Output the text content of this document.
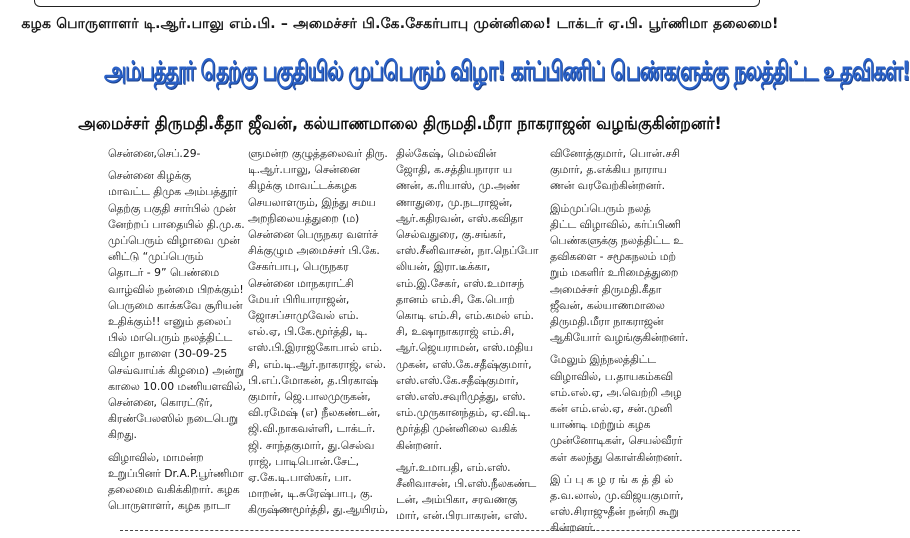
கழக பொருளாளர் டி.ஆர்.பாலு எம்.பி. – அமைச்சர் பி.கே.சேகர்பாபு முன்னிலை! டாக்டர் ஏ.பி. பூர்ணிமா தலைமை!
அம்பத்தூர் தெற்கு பகுதியில் முப்பெரும் விழா! கர்ப்பிணிப் பெண்களுக்கு நலத்திட்ட உதவிகள்!
அமைச்சர் திருமதி.கீதா ஜீவன், கல்யாணமாலை திருமதி.மீரா நாகராஜன் வழங்குகின்றனர்!

சென்னை,செப்.29-

சென்னை கிழக்கு
மாவட்ட திமுக அம்பத்தூர்
தெற்கு பகுதி சார்பில் முன்
னேற்றப் பாதையில் தி.மு.க.
முப்பெரும் விழாவை முன்
னிட்டு “முப்பெரும்
தொடர் - 9” பெண்மை
வாழ்வில் நன்மை பிறக்கும்!
பெருமை காக்கவே சூரியன்
உதிக்கும்!! எனும் தலைப்
பில் மாபெரும் நலத்திட்ட
விழா நாளை (30-09-25
செவ்வாய்க் கிழமை) அன்று
காலை 10.00 மணியளவில்,
சென்னை, கொரட்டூர்,
கிரண்பேலஸில் நடைபெறு
கிறது.

விழாவில், மாமன்ற
உறுப்பினர் Dr.A.P.பூர்ணிமா
தலைமை வகிக்கிறார். கழக
பொருளாளர், கழக நாடா

ளுமன்ற குழுத்தலைவர் திரு.
டி.ஆர்.பாலு, சென்னை
கிழக்கு மாவட்டக்கழக
செயலாளரும், இந்து சமய
அறநிலையத்துறை (ம)
சென்னை பெருநகர வளர்ச்
சிக்குழும அமைச்சர் பி.கே.
சேகர்பாபு, பெருநகர
சென்னை மாநகராட்சி
மேயர் பிரியாராஜன்,
ஜோசப்சாமுவேல் எம்.
எல்.ஏ, பி.கே.மூர்த்தி, டி.
எஸ்.பி.இராஜகோபால் எம்.
சி, எம்.டி.ஆர்.நாகராஜ், எல்.
பி.எப்.மோகன், த.பிரகாஷ்
குமார், ஜெ.பாலமுருகன்,
வி.ரமேஷ் (எ) நீலகண்டன்,
ஜி.வி.நாகவள்ளி, டாக்டர்.
ஜி. சாந்தகுமார், து.செல்வ
ராஜ், பாடிபொன்.சேட்,
ஏ.கே.டி.பாஸ்கர், பா.
மாறன், டி.சுரேஷ்பாபு, கு.
கிருஷ்ணமூர்த்தி, து.ஆயிரம்,

தில்கேஷ், மெல்வின்
ஜோதி, க.சத்தியநாரா ய
ணன், க.ரியாஸ், மு.அண்
ணாதுரை, மு.நடராஜன்,
ஆர்.கதிரவன், எஸ்.கவிதா
செல்வதுரை, கு.சங்கர்,
எஸ்.சீனிவாசன், நா.நெப்போ
லியன், இரா.டீக்கா,
எம்.இ.சேகர், எஸ்.உமாசந்
தானம் எம்.சி, கே.பொற்
கொடி எம்.சி, எம்.கமல் எம்.
சி, உஷாநாகராஜ் எம்.சி,
ஆர்.ஜெயராமன், எஸ்.மதிய
முகன், எஸ்.கே.சதீஷ்குமார்,
எஸ்.எஸ்.கே.சதீஷ்குமார்,
எஸ்.எஸ்.சவுரிமுத்து, எஸ்.
எம்.முருகானந்தம், ஏ.வி.டி.
மூர்த்தி முன்னிலை வகிக்
கின்றனர்.

ஆர்.உமாபதி, எம்.எஸ்.
சீனிவாசன், பி.எஸ்.நீலகண்ட
டன், அம்பிகா, சரவணகு
மார், என்.பிரபாகரன், எஸ்.

வினோத்குமார், பொன்.சசி
குமார், த.எக்கிய நாராய
ணன் வரவேற்கின்றனர்.

இம்முப்பெரும் நலத்
திட்ட விழாவில், கர்ப்பிணி
பெண்களுக்கு நலத்திட்ட உ
தவிகளை - சமூகநலம் மற்
றும் மகளிர் உரிமைத்துறை
அமைச்சர் திருமதி.கீதா
ஜீவன், கல்யாணமாலை
திருமதி.மீரா நாகராஜன்
ஆகியோர் வழங்குகின்றனர்.

மேலும் இந்நலத்திட்ட
விழாவில், ப.தாயகம்கவி
எம்.எல்.ஏ, அ.வெற்றி அழ
கன் எம்.எல்.ஏ, சன்.முனி
யாண்டி மற்றும் கழக
முன்னோடிகள், செயல்வீரர்
கள் கலந்து கொள்கின்றனர்.

இ ப் பு க ழ ர ங் க த் தி ல்
த.வ.லால், மு.விஜயகுமார்,
எஸ்.சிராஜுதீன் நன்றி கூறு
கின்றனர்.
